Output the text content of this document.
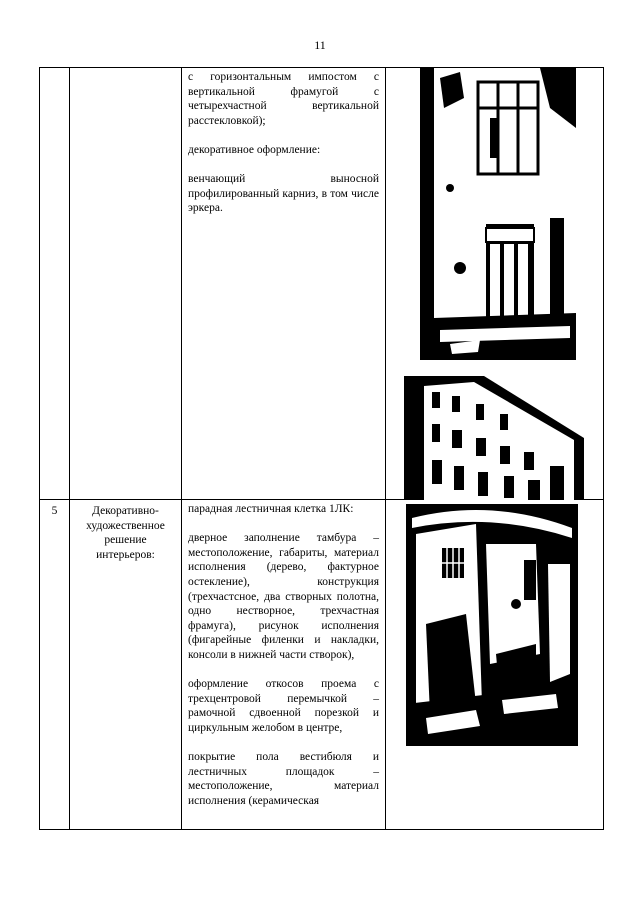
11

		с горизонтальным импостом с вертикальной фрамугой с четырехчастной вертикальной расстекловкой);

декоративное оформление:

венчающий выносной профилированный карниз, в том числе эркера.

5	Декоративно-художественное решение интерьеров:	парадная лестничная клетка 1ЛК:

дверное заполнение тамбура – местоположение, габариты, материал исполнения (дерево, фактурное остекление), конструкция (трехчастсное, два створных полотна, одно нестворное, трехчастная фрамуга), рисунок исполнения (фигарейные филенки и накладки, консоли в нижней части створок),

оформление откосов проема с трехцентровой перемычкой – рамочной сдвоенной порезкой и циркульным желобом в центре,

покрытие пола вестибюля и лестничных площадок – местоположение, материал исполнения (керамическая
